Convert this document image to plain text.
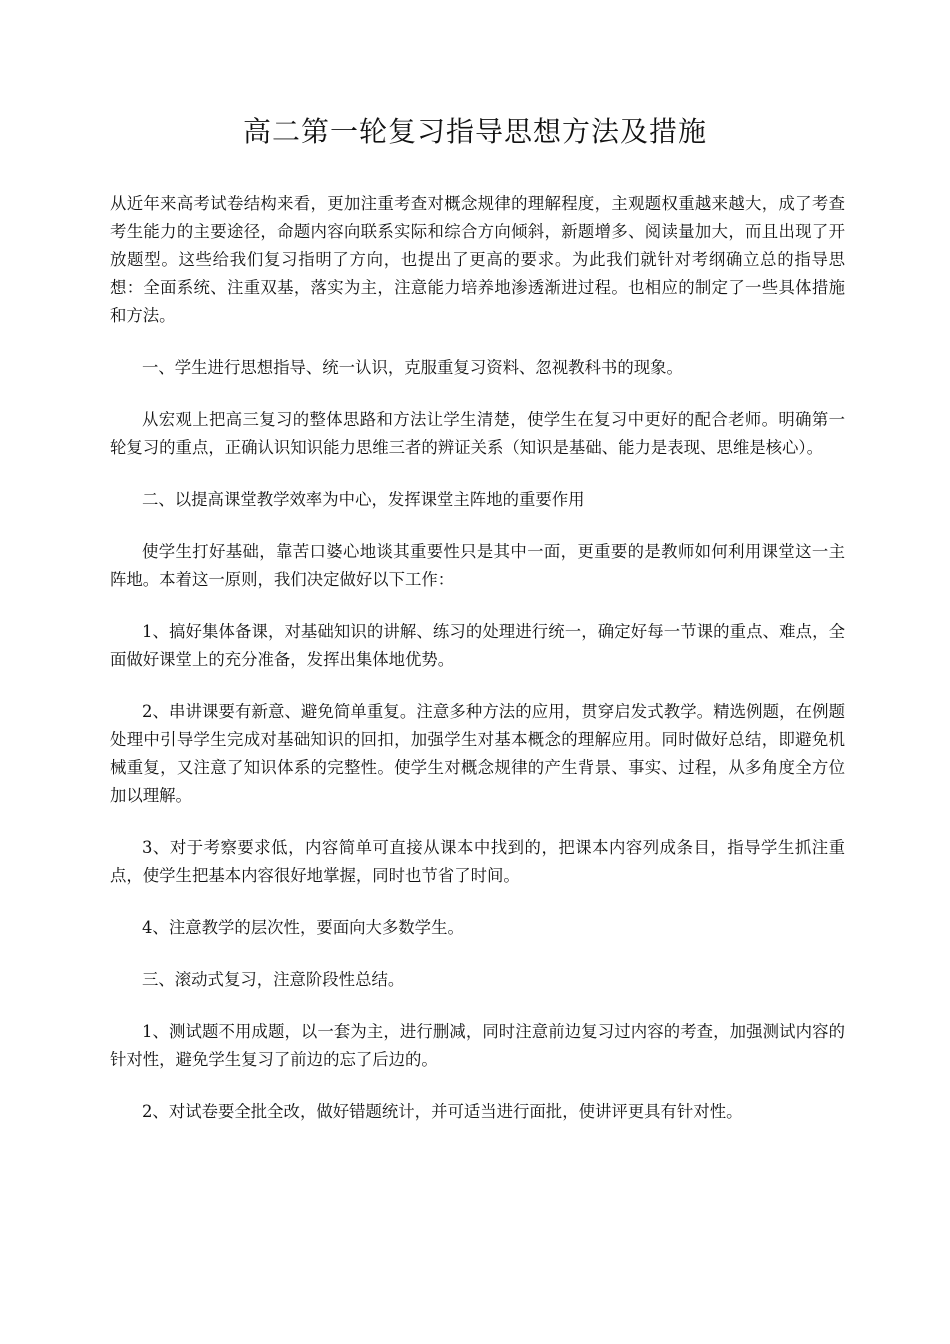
高二第一轮复习指导思想方法及措施

从近年来高考试卷结构来看，更加注重考查对概念规律的理解程度，主观题权重越来越大，成了考查考生能力的主要途径，命题内容向联系实际和综合方向倾斜，新题增多、阅读量加大，而且出现了开放题型。这些给我们复习指明了方向，也提出了更高的要求。为此我们就针对考纲确立总的指导思想：全面系统、注重双基，落实为主，注意能力培养地渗透渐进过程。也相应的制定了一些具体措施和方法。

一、学生进行思想指导、统一认识，克服重复习资料、忽视教科书的现象。

从宏观上把高三复习的整体思路和方法让学生清楚，使学生在复习中更好的配合老师。明确第一轮复习的重点，正确认识知识能力思维三者的辨证关系（知识是基础、能力是表现、思维是核心）。

二、以提高课堂教学效率为中心，发挥课堂主阵地的重要作用

使学生打好基础，靠苦口婆心地谈其重要性只是其中一面，更重要的是教师如何利用课堂这一主阵地。本着这一原则，我们决定做好以下工作：

1、搞好集体备课，对基础知识的讲解、练习的处理进行统一，确定好每一节课的重点、难点，全面做好课堂上的充分准备，发挥出集体地优势。

2、串讲课要有新意、避免简单重复。注意多种方法的应用，贯穿启发式教学。精选例题，在例题处理中引导学生完成对基础知识的回扣，加强学生对基本概念的理解应用。同时做好总结，即避免机械重复，又注意了知识体系的完整性。使学生对概念规律的产生背景、事实、过程，从多角度全方位加以理解。

3、对于考察要求低，内容简单可直接从课本中找到的，把课本内容列成条目，指导学生抓注重点，使学生把基本内容很好地掌握，同时也节省了时间。

4、注意教学的层次性，要面向大多数学生。

三、滚动式复习，注意阶段性总结。

1、测试题不用成题，以一套为主，进行删减，同时注意前边复习过内容的考查，加强测试内容的针对性，避免学生复习了前边的忘了后边的。

2、对试卷要全批全改，做好错题统计，并可适当进行面批，使讲评更具有针对性。
